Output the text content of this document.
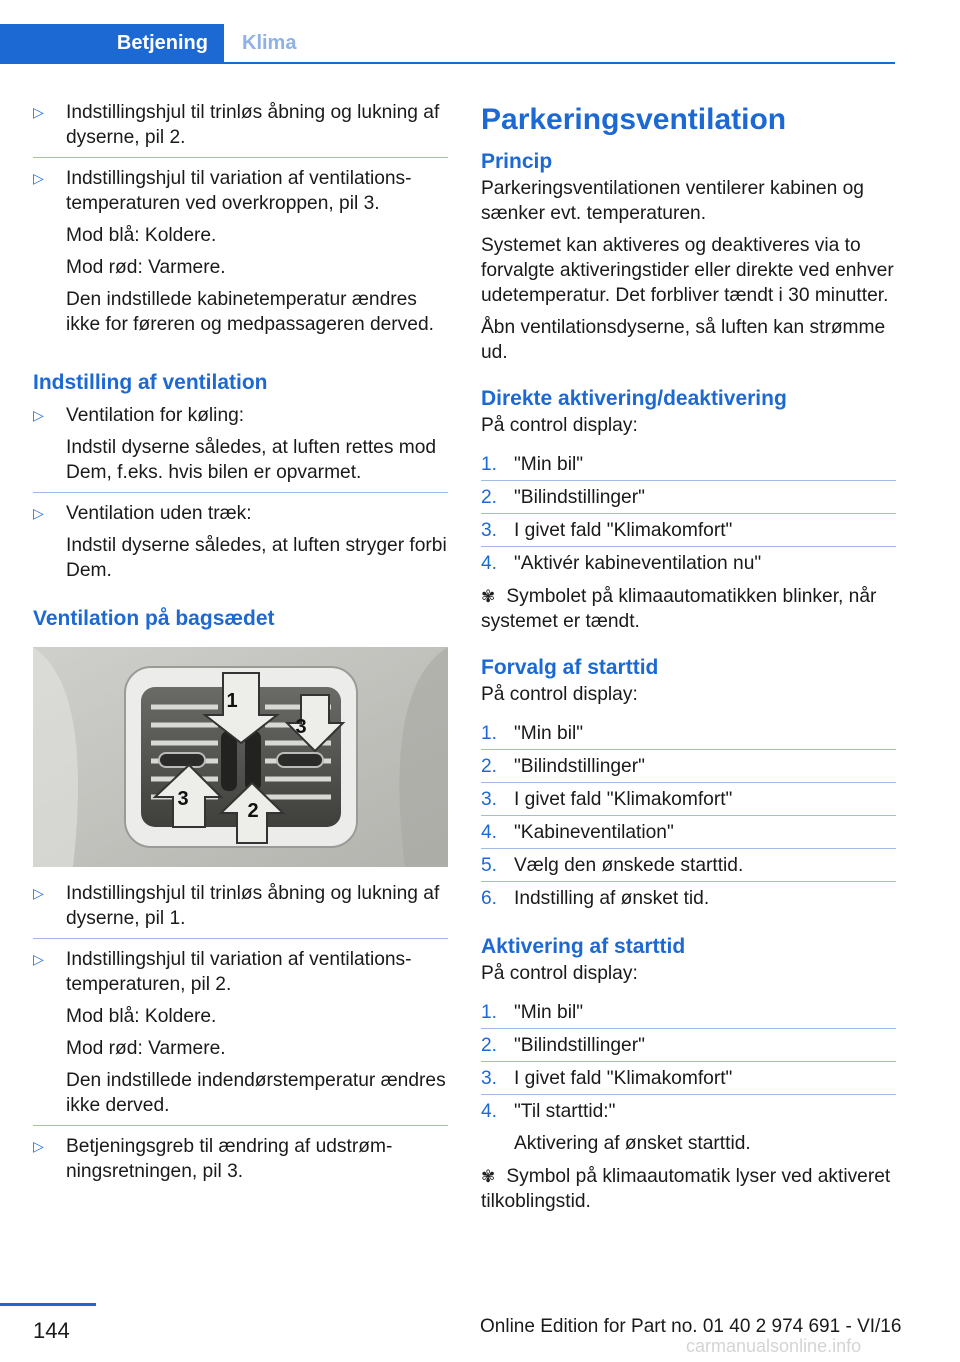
Betjening	Klima
▷ Indstillingshjul til trinløs åbning og lukning af dyserne, pil 2.

▷ Indstillingshjul til variation af ventilationstemperaturen ved overkroppen, pil 3.

Mod blå: Koldere.

Mod rød: Varmere.

Den indstillede kabinetemperatur ændres ikke for føreren og medpassageren derved.

Indstilling af ventilation
▷ Ventilation for køling:

Indstil dyserne således, at luften rettes mod Dem, f.eks. hvis bilen er opvarmet.

▷ Ventilation uden træk:

Indstil dyserne således, at luften stryger forbi Dem.

Ventilation på bagsædet
1
2
3
3
▷ Indstillingshjul til trinløs åbning og lukning af dyserne, pil 1.

▷ Indstillingshjul til variation af ventilationstemperaturen, pil 2.

Mod blå: Koldere.

Mod rød: Varmere.

Den indstillede indendørstemperatur ændres ikke derved.

▷ Betjeningsgreb til ændring af udstrømningsretningen, pil 3.

Parkeringsventilation
Princip

Parkeringsventilationen ventilerer kabinen og sænker evt. temperaturen.

Systemet kan aktiveres og deaktiveres via to forvalgte aktiveringstider eller direkte ved enhver udetemperatur. Det forbliver tændt i 30 minutter.

Åbn ventilationsdyserne, så luften kan strømme ud.

Direkte aktivering/deaktivering

På control display:

1. "Min bil"
2. "Bilindstillinger"
3. I givet fald "Klimakomfort"
4. "Aktivér kabineventilation nu"

✾ Symbolet på klimaautomatikken blinker, når systemet er tændt.

Forvalg af starttid

På control display:

1. "Min bil"
2. "Bilindstillinger"
3. I givet fald "Klimakomfort"
4. "Kabineventilation"
5. Vælg den ønskede starttid.
6. Indstilling af ønsket tid.
Aktivering af starttid

På control display:

1. "Min bil"
2. "Bilindstillinger"
3. I givet fald "Klimakomfort"
4. "Til starttid:"
Aktivering af ønsket starttid.

✾ Symbol på klimaautomatik lyser ved aktiveret tilkoblingstid.

144	Online Edition for Part no. 01 40 2 974 691 - VI/16
carmanualsonline.info
